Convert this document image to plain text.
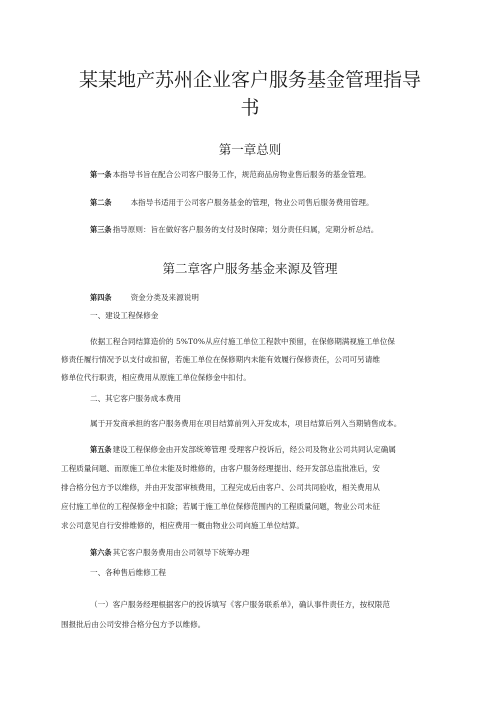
某某地产苏州企业客户服务基金管理指导
书
第一章总则
第一条本指导书旨在配合公司客户服务工作，规范商品房物业售后服务的基金管理。
第二条	本指导书适用于公司客户服务基金的管理，物业公司售后服务费用管理。
第三条指导原则：旨在做好客户服务的支付及时保障；划分责任归属，定期分析总结。
第二章客户服务基金来源及管理
第四条	资金分类及来源说明
一、建设工程保修金
依据工程合同结算造价的 5%T0%从应付施工单位工程款中预留，在保修期满视施工单位保
修责任履行情况予以支付或扣留，若施工单位在保修期内未能有效履行保修责任，公司可另请维
修单位代行职责，相应费用从原施工单位保修金中扣付。
二、其它客户服务成本费用
属于开发商承担的客户服务费用在项目结算前列入开发成本，项目结算后列入当期销售成本。
第五条建设工程保修金由开发部统筹管理 受理客户投诉后，经公司及物业公司共同认定确属
工程质量问题、而原施工单位未能及时维修的，由客户服务经理提出、经开发部总监批准后，安
排合格分包方予以维修，并由开发部审核费用，工程完成后由客户、公司共同验收，相关费用从
应付施工单位的工程保修金中扣除；若属于施工单位保修范围内的工程质量问题，物业公司未征
求公司意见自行安排维修的，相应费用一概由物业公司向施工单位结算。
第六条其它客户服务费用由公司领导下统筹办理
一、各种售后维修工程
（一）客户服务经理根据客户的投诉填写《客户服务联系单》，确认事件责任方，按权限范
围报批后由公司安排合格分包方予以维修。
